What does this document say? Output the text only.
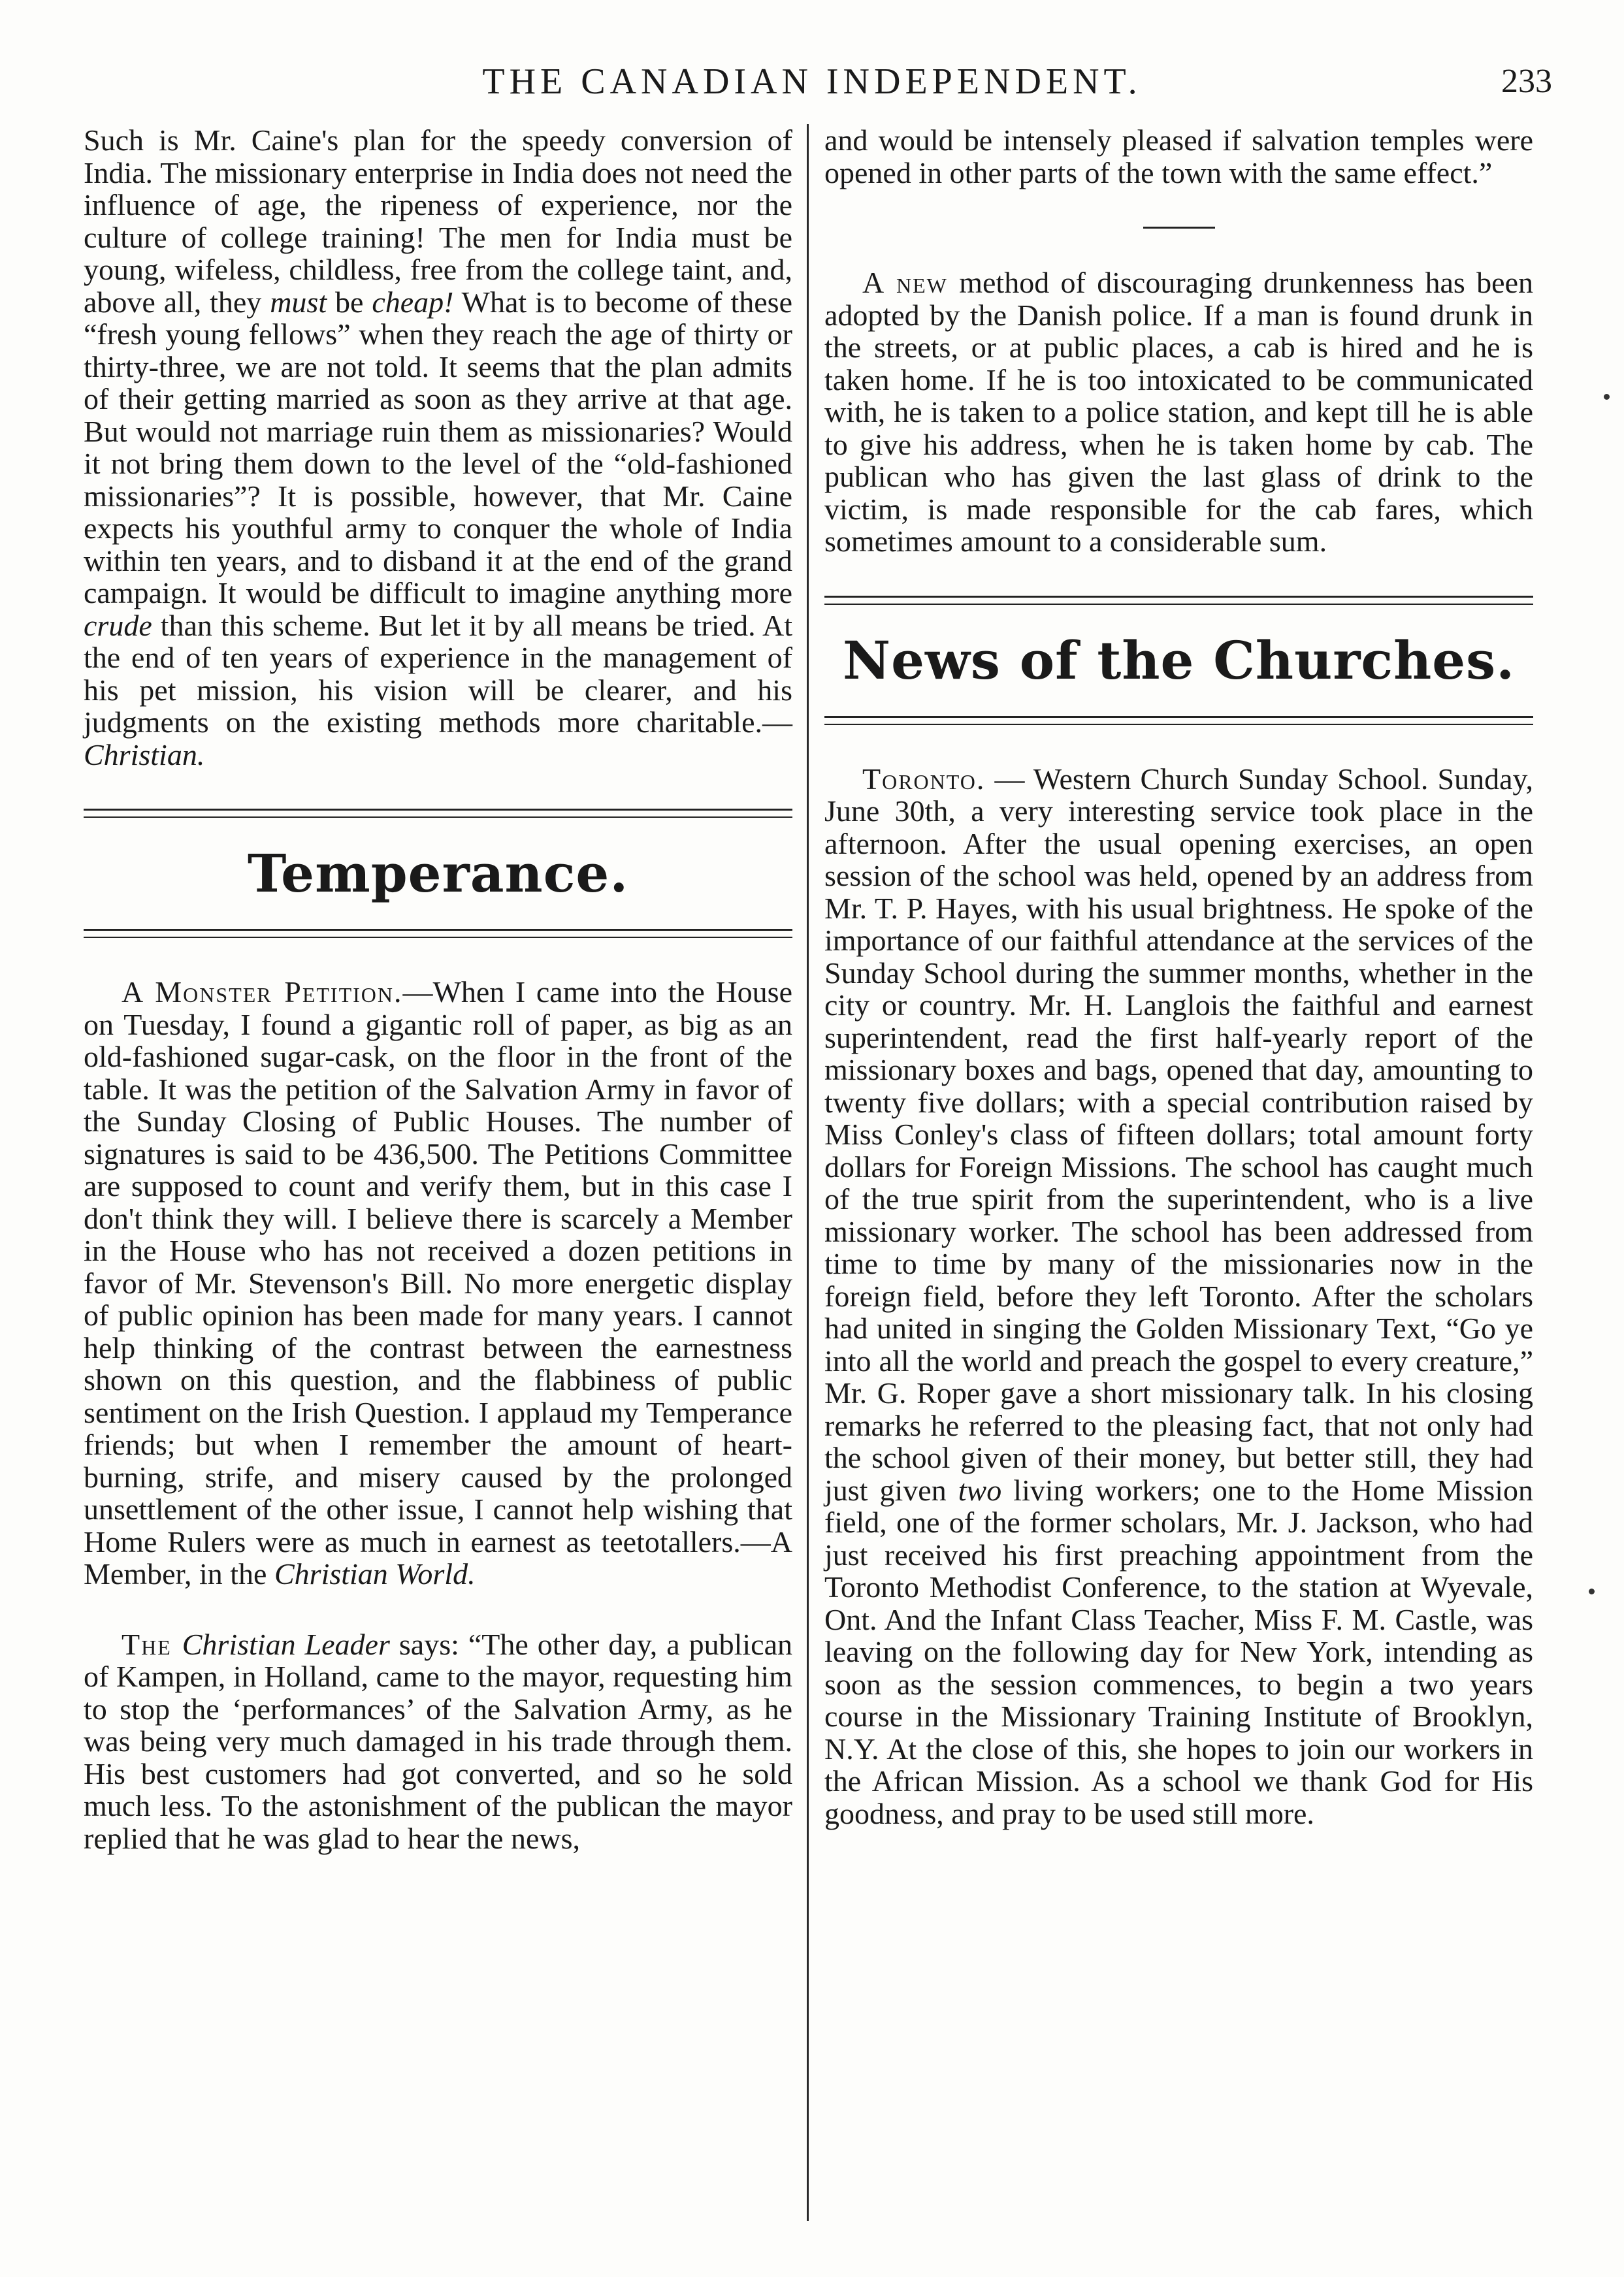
THE CANADIAN INDEPENDENT.	233

Such is Mr. Caine's plan for the speedy conversion of India. The missionary enterprise in India does not need the influence of age, the ripeness of experience, nor the culture of college training! The men for India must be young, wifeless, childless, free from the college taint, and, above all, they must be cheap! What is to become of these “fresh young fellows” when they reach the age of thirty or thirty-three, we are not told. It seems that the plan admits of their getting married as soon as they arrive at that age. But would not marriage ruin them as missionaries? Would it not bring them down to the level of the “old-fashioned missionaries”? It is possible, however, that Mr. Caine expects his youthful army to conquer the whole of India within ten years, and to disband it at the end of the grand campaign. It would be difficult to imagine anything more crude than this scheme. But let it by all means be tried. At the end of ten years of experience in the management of his pet mission, his vision will be clearer, and his judgments on the existing methods more charitable.—Christian.

Temperance.

A Monster Petition.—When I came into the House on Tuesday, I found a gigantic roll of paper, as big as an old-fashioned sugar-cask, on the floor in the front of the table. It was the petition of the Salvation Army in favor of the Sunday Closing of Public Houses. The number of signatures is said to be 436,500. The Petitions Committee are supposed to count and verify them, but in this case I don't think they will. I believe there is scarcely a Member in the House who has not received a dozen petitions in favor of Mr. Stevenson's Bill. No more energetic display of public opinion has been made for many years. I cannot help thinking of the contrast between the earnestness shown on this question, and the flabbiness of public sentiment on the Irish Question. I applaud my Temperance friends; but when I remember the amount of heart-burning, strife, and misery caused by the prolonged unsettlement of the other issue, I cannot help wishing that Home Rulers were as much in earnest as teetotallers.—A Member, in the Christian World.

The Christian Leader says: “The other day, a publican of Kampen, in Holland, came to the mayor, requesting him to stop the ‘performances’ of the Salvation Army, as he was being very much damaged in his trade through them. His best customers had got converted, and so he sold much less. To the astonishment of the publican the mayor replied that he was glad to hear the news,

and would be intensely pleased if salvation temples were opened in other parts of the town with the same effect.”

A new method of discouraging drunkenness has been adopted by the Danish police. If a man is found drunk in the streets, or at public places, a cab is hired and he is taken home. If he is too intoxicated to be communicated with, he is taken to a police station, and kept till he is able to give his address, when he is taken home by cab. The publican who has given the last glass of drink to the victim, is made responsible for the cab fares, which sometimes amount to a considerable sum.

News of the Churches.

Toronto. — Western Church Sunday School. Sunday, June 30th, a very interesting service took place in the afternoon. After the usual opening exercises, an open session of the school was held, opened by an address from Mr. T. P. Hayes, with his usual brightness. He spoke of the importance of our faithful attendance at the services of the Sunday School during the summer months, whether in the city or country. Mr. H. Langlois the faithful and earnest superintendent, read the first half-yearly report of the missionary boxes and bags, opened that day, amounting to twenty five dollars; with a special contribution raised by Miss Conley's class of fifteen dollars; total amount forty dollars for Foreign Missions. The school has caught much of the true spirit from the superintendent, who is a live missionary worker. The school has been addressed from time to time by many of the missionaries now in the foreign field, before they left Toronto. After the scholars had united in singing the Golden Missionary Text, “Go ye into all the world and preach the gospel to every creature,” Mr. G. Roper gave a short missionary talk. In his closing remarks he referred to the pleasing fact, that not only had the school given of their money, but better still, they had just given two living workers; one to the Home Mission field, one of the former scholars, Mr. J. Jackson, who had just received his first preaching appointment from the Toronto Methodist Conference, to the station at Wyevale, Ont. And the Infant Class Teacher, Miss F. M. Castle, was leaving on the following day for New York, intending as soon as the session commences, to begin a two years course in the Missionary Training Institute of Brooklyn, N.Y. At the close of this, she hopes to join our workers in the African Mission. As a school we thank God for His goodness, and pray to be used still more.
